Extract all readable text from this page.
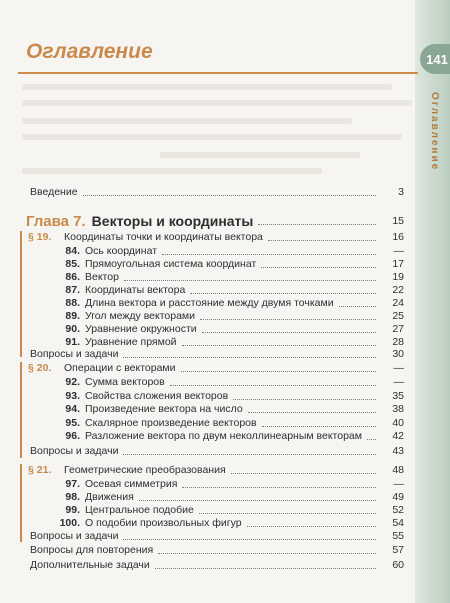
141
Оглавление
Оглавление
Введение	3
Глава 7. Векторы и координаты	15
§ 19.	Координаты точки и координаты вектора	16
84. Ось координат	—
85. Прямоугольная система координат	17
86. Вектор	19
87. Координаты вектора	22
88. Длина вектора и расстояние между двумя точками	24
89. Угол между векторами	25
90. Уравнение окружности	27
91. Уравнение прямой	28
Вопросы и задачи	30
§ 20.	Операции с векторами	—
92. Сумма векторов	—
93. Свойства сложения векторов	35
94. Произведение вектора на число	38
95. Скалярное произведение векторов	40
96. Разложение вектора по двум неколлинеарным векторам	42
Вопросы и задачи	43
§ 21.	Геометрические преобразования	48
97. Осевая симметрия	—
98. Движения	49
99. Центральное подобие	52
100. О подобии произвольных фигур	54
Вопросы и задачи	55
Вопросы для повторения	57
Дополнительные задачи	60
